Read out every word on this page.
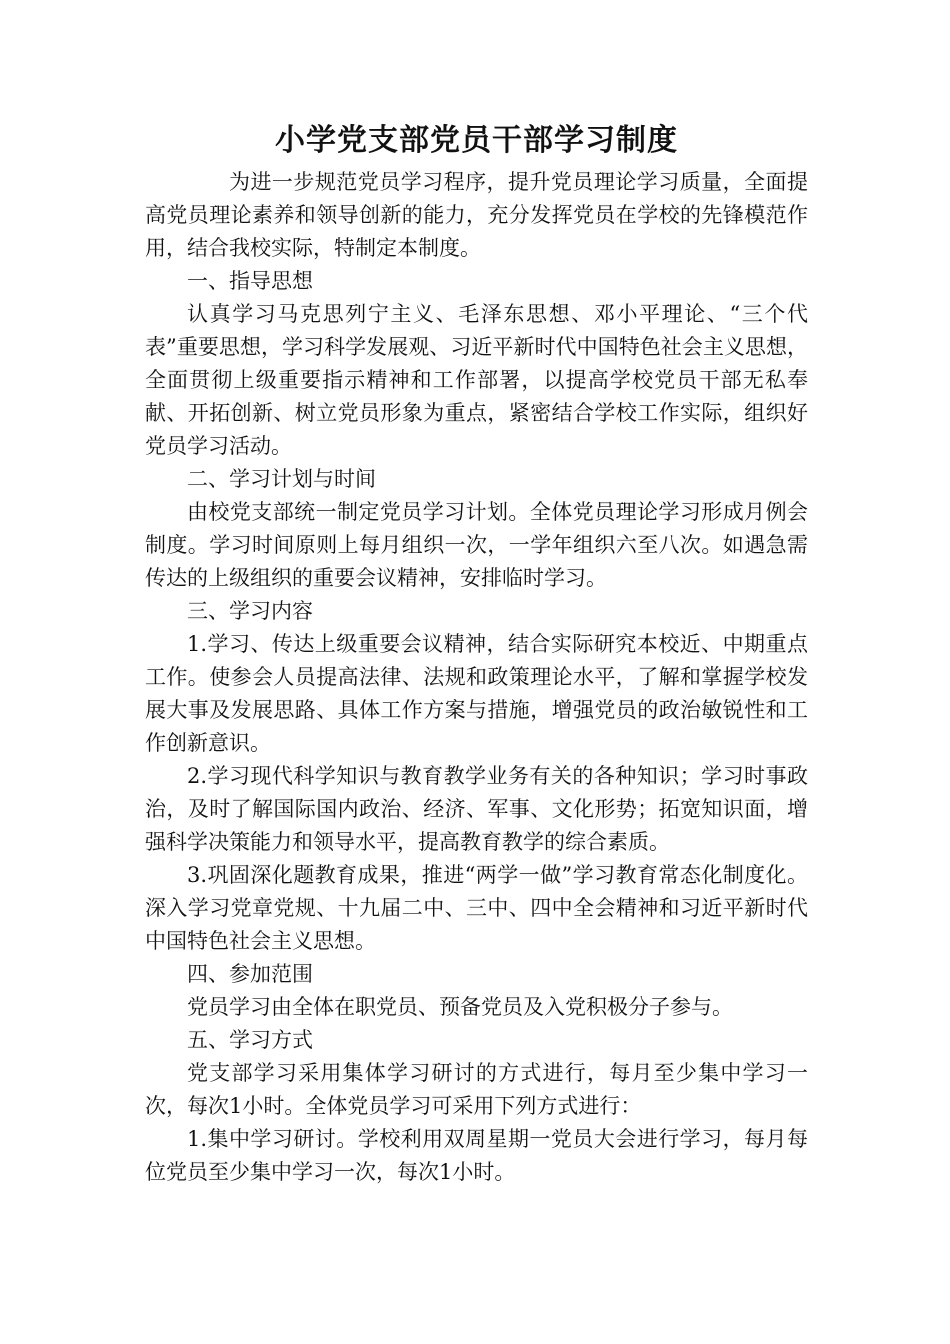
小学党支部党员干部学习制度

为进一步规范党员学习程序，提升党员理论学习质量，全面提高党员理论素养和领导创新的能力，充分发挥党员在学校的先锋模范作用，结合我校实际，特制定本制度。

一、指导思想

认真学习马克思列宁主义、毛泽东思想、邓小平理论、“三个代表”重要思想，学习科学发展观、习近平新时代中国特色社会主义思想，全面贯彻上级重要指示精神和工作部署，以提高学校党员干部无私奉献、开拓创新、树立党员形象为重点，紧密结合学校工作实际，组织好党员学习活动。

二、学习计划与时间

由校党支部统一制定党员学习计划。全体党员理论学习形成月例会制度。学习时间原则上每月组织一次，一学年组织六至八次。如遇急需传达的上级组织的重要会议精神，安排临时学习。

三、学习内容

1.学习、传达上级重要会议精神，结合实际研究本校近、中期重点工作。使参会人员提高法律、法规和政策理论水平，了解和掌握学校发展大事及发展思路、具体工作方案与措施，增强党员的政治敏锐性和工作创新意识。

2.学习现代科学知识与教育教学业务有关的各种知识；学习时事政治，及时了解国际国内政治、经济、军事、文化形势；拓宽知识面，增强科学决策能力和领导水平，提高教育教学的综合素质。

3.巩固深化题教育成果，推进“两学一做”学习教育常态化制度化。深入学习党章党规、十九届二中、三中、四中全会精神和习近平新时代中国特色社会主义思想。

四、参加范围

党员学习由全体在职党员、预备党员及入党积极分子参与。

五、学习方式

党支部学习采用集体学习研讨的方式进行，每月至少集中学习一次，每次1小时。全体党员学习可采用下列方式进行：

1.集中学习研讨。学校利用双周星期一党员大会进行学习，每月每位党员至少集中学习一次，每次1小时。
